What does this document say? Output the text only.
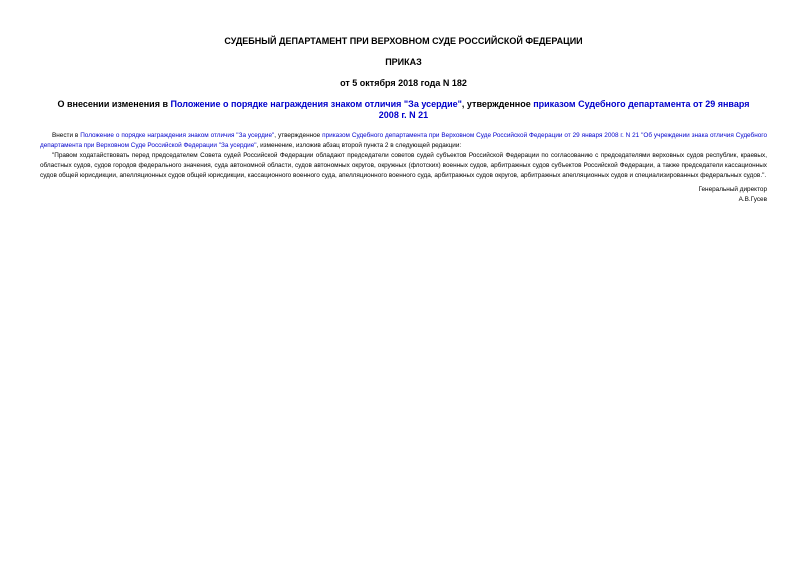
СУДЕБНЫЙ ДЕПАРТАМЕНТ ПРИ ВЕРХОВНОМ СУДЕ РОССИЙСКОЙ ФЕДЕРАЦИИ

ПРИКАЗ

от 5 октября 2018 года N 182

О внесении изменения в Положение о порядке награждения знаком отличия "За усердие", утвержденное приказом Судебного департамента от 29 января 2008 г. N 21

Внести в Положение о порядке награждения знаком отличия "За усердие", утвержденное приказом Судебного департамента при Верховном Суде Российской Федерации от 29 января 2008 г. N 21 "Об учреждении знака отличия Судебного департамента при Верховном Суде Российской Федерации "За усердие", изменение, изложив абзац второй пункта 2 в следующей редакции:

"Правом ходатайствовать перед председателем Совета судей Российской Федерации обладают председатели советов судей субъектов Российской Федерации по согласованию с председателями верховных судов республик, краевых, областных судов, судов городов федерального значения, суда автономной области, судов автономных округов, окружных (флотских) военных судов, арбитражных судов субъектов Российской Федерации, а также председатели кассационных судов общей юрисдикции, апелляционных судов общей юрисдикции, кассационного военного суда, апелляционного военного суда, арбитражных судов округов, арбитражных апелляционных судов и специализированных федеральных судов.".

Генеральный директор
А.В.Гусев
